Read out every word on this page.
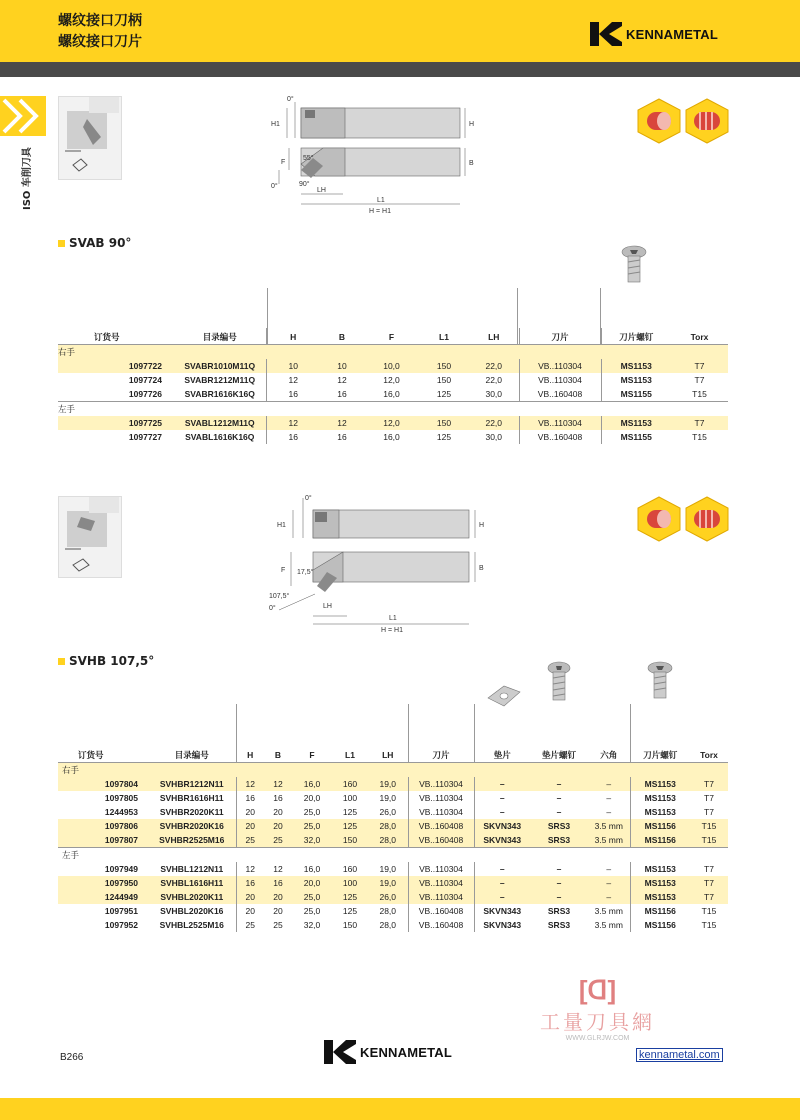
螺纹接口刀柄
螺纹接口刀片	KENNAMETAL
ISO 车削刀具
0°
H1	H
F	B
55°
90°
0°
LH
L1
H = H1
SVAB 90°
	订货号	目录编号	H	B	F	L1	LH	刀片	刀片螺钉	Torx
右手										
	1097722	SVABR1010M11Q	10	10	10,0	150	22,0	VB..110304	MS1153	T7
	1097724	SVABR1212M11Q	12	12	12,0	150	22,0	VB..110304	MS1153	T7
	1097726	SVABR1616K16Q	16	16	16,0	125	30,0	VB..160408	MS1155	T15
左手										
	1097725	SVABL1212M11Q	12	12	12,0	150	22,0	VB..110304	MS1153	T7
	1097727	SVABL1616K16Q	16	16	16,0	125	30,0	VB..160408	MS1155	T15
0°
H1	H
F	B
17,5°
107,5°
0°	LH
L1
H = H1
SVHB 107,5°
	订货号	目录编号	H	B	F	L1	LH	刀片	垫片	垫片螺钉	六角	刀片螺钉	Torx
右手													
	1097804	SVHBR1212N11	12	12	16,0	160	19,0	VB..110304	–	–	–	MS1153	T7
	1097805	SVHBR1616H11	16	16	20,0	100	19,0	VB..110304	–	–	–	MS1153	T7
	1244953	SVHBR2020K11	20	20	25,0	125	26,0	VB..110304	–	–	–	MS1153	T7
	1097806	SVHBR2020K16	20	20	25,0	125	28,0	VB..160408	SKVN343	SRS3	3.5 mm	MS1156	T15
	1097807	SVHBR2525M16	25	25	32,0	150	28,0	VB..160408	SKVN343	SRS3	3.5 mm	MS1156	T15
左手													
	1097949	SVHBL1212N11	12	12	16,0	160	19,0	VB..110304	–	–	–	MS1153	T7
	1097950	SVHBL1616H11	16	16	20,0	100	19,0	VB..110304	–	–	–	MS1153	T7
	1244949	SVHBL2020K11	20	20	25,0	125	26,0	VB..110304	–	–	–	MS1153	T7
	1097951	SVHBL2020K16	20	20	25,0	125	28,0	VB..160408	SKVN343	SRS3	3.5 mm	MS1156	T15
	1097952	SVHBL2525M16	25	25	32,0	150	28,0	VB..160408	SKVN343	SRS3	3.5 mm	MS1156	T15
[ᗡ]
工量刀具網
WWW.GLRJW.COM
B266	KENNAMETAL	kennametal.com
